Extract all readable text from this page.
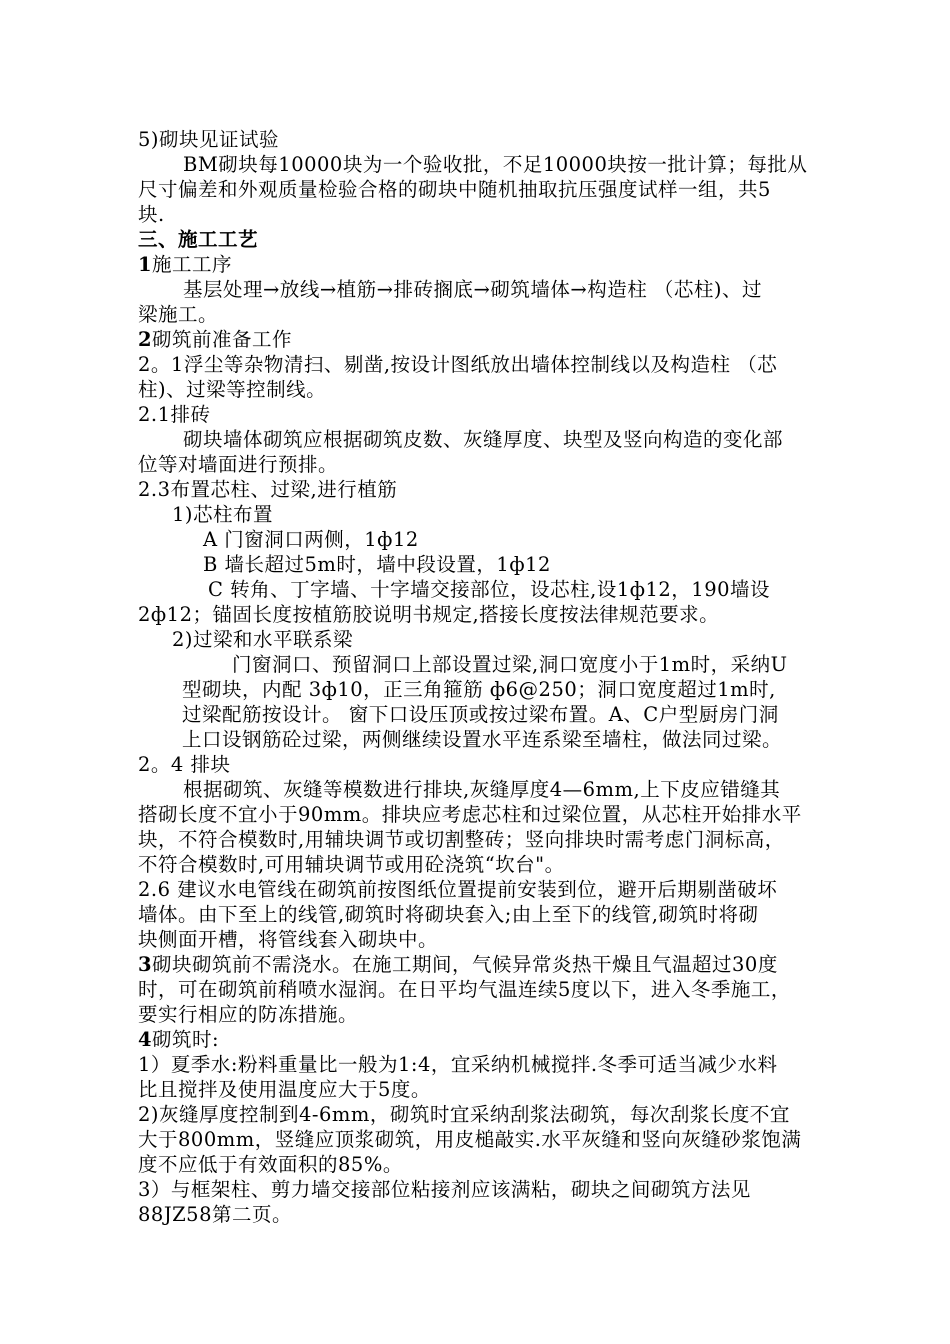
5)砌块见证试验
BM砌块每10000块为一个验收批，不足10000块按一批计算；每批从
尺寸偏差和外观质量检验合格的砌块中随机抽取抗压强度试样一组，共5
块.
三、施工工艺
1 施工工序
基层处理→放线→植筋→排砖搁底→砌筑墙体→构造柱 （芯柱)、过
梁施工。
2 砌筑前准备工作
2。1浮尘等杂物清扫、剔凿,按设计图纸放出墙体控制线以及构造柱 （芯
柱)、过梁等控制线。
2.1排砖
砌块墙体砌筑应根据砌筑皮数、灰缝厚度、块型及竖向构造的变化部
位等对墙面进行预排。
2.3布置芯柱、过梁,进行植筋
1)芯柱布置
A 门窗洞口两侧，1ф12
B 墙长超过5m时，墙中段设置，1ф12
C 转角、丁字墙、十字墙交接部位，设芯柱,设1ф12，190墙设
2ф12；锚固长度按植筋胶说明书规定,搭接长度按法律规范要求。
2)过梁和水平联系梁
门窗洞口、预留洞口上部设置过梁,洞口宽度小于1m时，采纳U
型砌块，内配 3ф10，正三角箍筋 ф6@250；洞口宽度超过1m时,
过梁配筋按设计。 窗下口设压顶或按过梁布置。A、C户型厨房门洞
上口设钢筋砼过梁，两侧继续设置水平连系梁至墙柱，做法同过梁。
2。4 排块
根据砌筑、灰缝等模数进行排块,灰缝厚度4—6mm,上下皮应错缝其
搭砌长度不宜小于90mm。排块应考虑芯柱和过梁位置，从芯柱开始排水平
块，不符合模数时,用辅块调节或切割整砖；竖向排块时需考虑门洞标高，
不符合模数时,可用辅块调节或用砼浇筑“坎台"。
2.6 建议水电管线在砌筑前按图纸位置提前安装到位，避开后期剔凿破坏
墙体。由下至上的线管,砌筑时将砌块套入;由上至下的线管,砌筑时将砌
块侧面开槽，将管线套入砌块中。
3 砌块砌筑前不需浇水。在施工期间，气候异常炎热干燥且气温超过30度
时，可在砌筑前稍喷水湿润。在日平均气温连续5度以下，进入冬季施工，
要实行相应的防冻措施。
4 砌筑时:
1）夏季水:粉料重量比一般为1:4，宜采纳机械搅拌.冬季可适当减少水料
比且搅拌及使用温度应大于5度。
2)灰缝厚度控制到4-6mm，砌筑时宜采纳刮浆法砌筑，每次刮浆长度不宜
大于800mm，竖缝应顶浆砌筑，用皮槌敲实.水平灰缝和竖向灰缝砂浆饱满
度不应低于有效面积的85%。
3）与框架柱、剪力墙交接部位粘接剂应该满粘，砌块之间砌筑方法见
88JZ58第二页。
